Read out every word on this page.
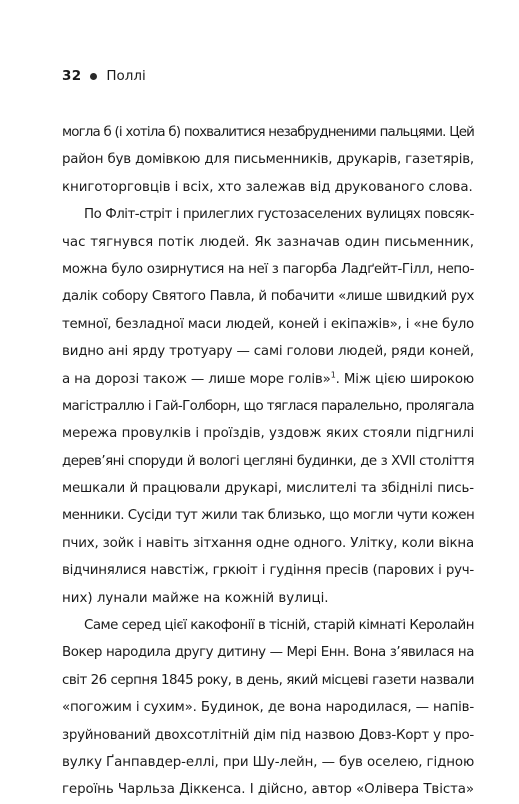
32 Поллі
могла б (і хотіла б) похвалитися незабрудненими пальцями. Цей
район був домівкою для письменників, друкарів, газетярів,
книготорговців і всіх, хто залежав від друкованого слова.
По Фліт-стріт і прилеглих густозаселених вулицях повсяк-
час тягнувся потік людей. Як зазначав один письменник,
можна було озирнутися на неї з пагорба Ладґейт-Гілл, непо-
далік собору Святого Павла, й побачити «лише швидкий рух
темної, безладної маси людей, коней і екіпажів», і «не було
видно ані ярду тротуару — самі голови людей, ряди коней,
а на дорозі також — лише море голів»$^1$. Між цією широкою
магістраллю і Гай-Голборн, що тяглася паралельно, пролягала
мережа провулків і проїздів, уздовж яких стояли підгнилі
дерев’яні споруди й вологі цегляні будинки, де з XVII століття
мешкали й працювали друкарі, мислителі та збіднілі пись-
менники. Сусіди тут жили так близько, що могли чути кожен
пчих, зойк і навіть зітхання одне одного. Улітку, коли вікна
відчинялися навстіж, гркюіт і гудіння пресів (парових і руч-
них) лунали майже на кожній вулиці.
Саме серед цієї какофонії в тісній, старій кімнаті Керолайн
Вокер народила другу дитину — Мері Енн. Вона з’явилася на
світ 26 серпня 1845 року, в день, який місцеві газети назвали
«погожим і сухим». Будинок, де вона народилася, — напів-
зруйнований двохсотлітній дім під назвою Довз-Корт у про-
вулку Ґанпавдер-еллі, при Шу-лейн, — був оселею, гідною
героїнь Чарльза Діккенса. І дійсно, автор «Олівера Твіста»
